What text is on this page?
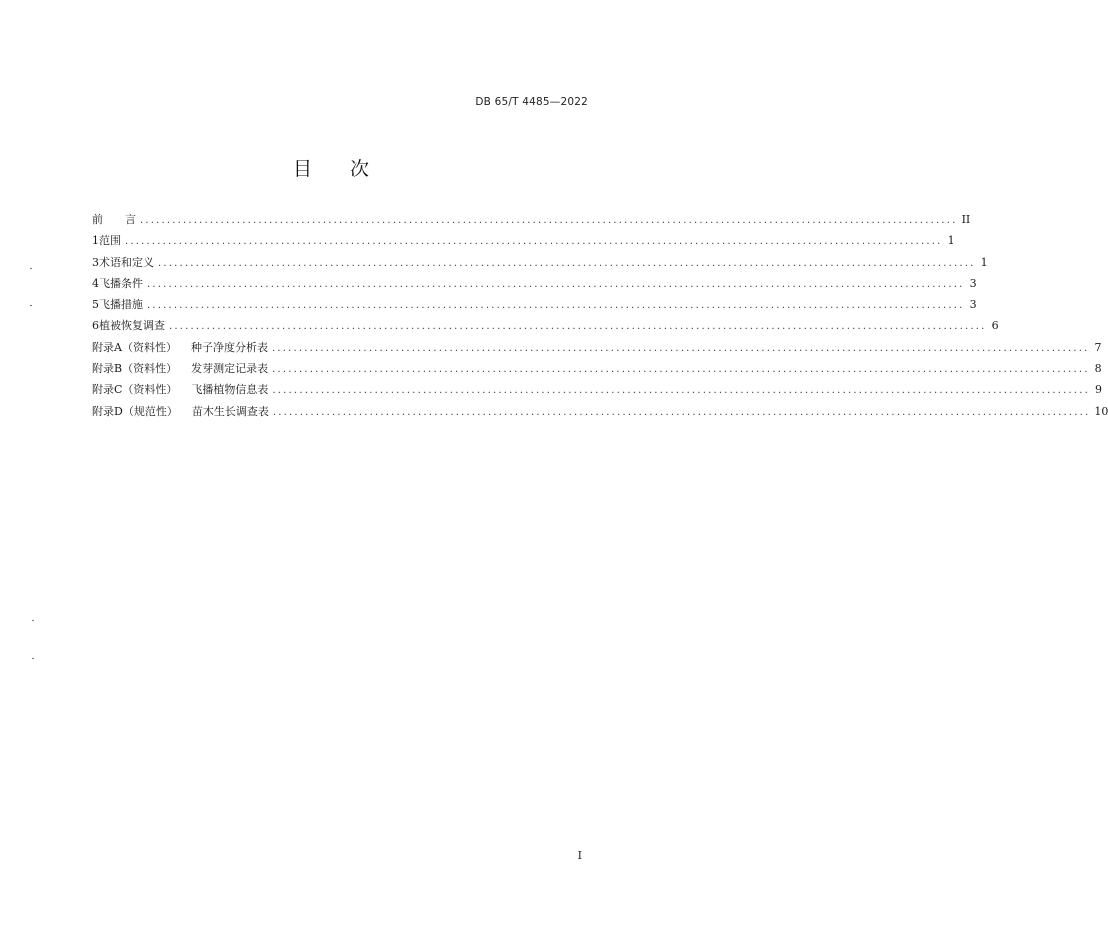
DB 65/T 4485—2022
目 次
前　　言 ........................................................................................................................................................ II
1 范围 ........................................................................................................................................................ 1
3 术语和定义 ........................................................................................................................................................ 1
4 飞播条件 ........................................................................................................................................................ 3
5 飞播措施 ........................................................................................................................................................ 3
6 植被恢复调查 ........................................................................................................................................................ 6
附录A（资料性） 种子净度分析表 ........................................................................................................................................................ 7
附录B（资料性） 发芽测定记录表 ........................................................................................................................................................ 8
附录C（资料性） 飞播植物信息表 ........................................................................................................................................................ 9
附录D（规范性） 苗木生长调查表 ........................................................................................................................................................ 10
I
